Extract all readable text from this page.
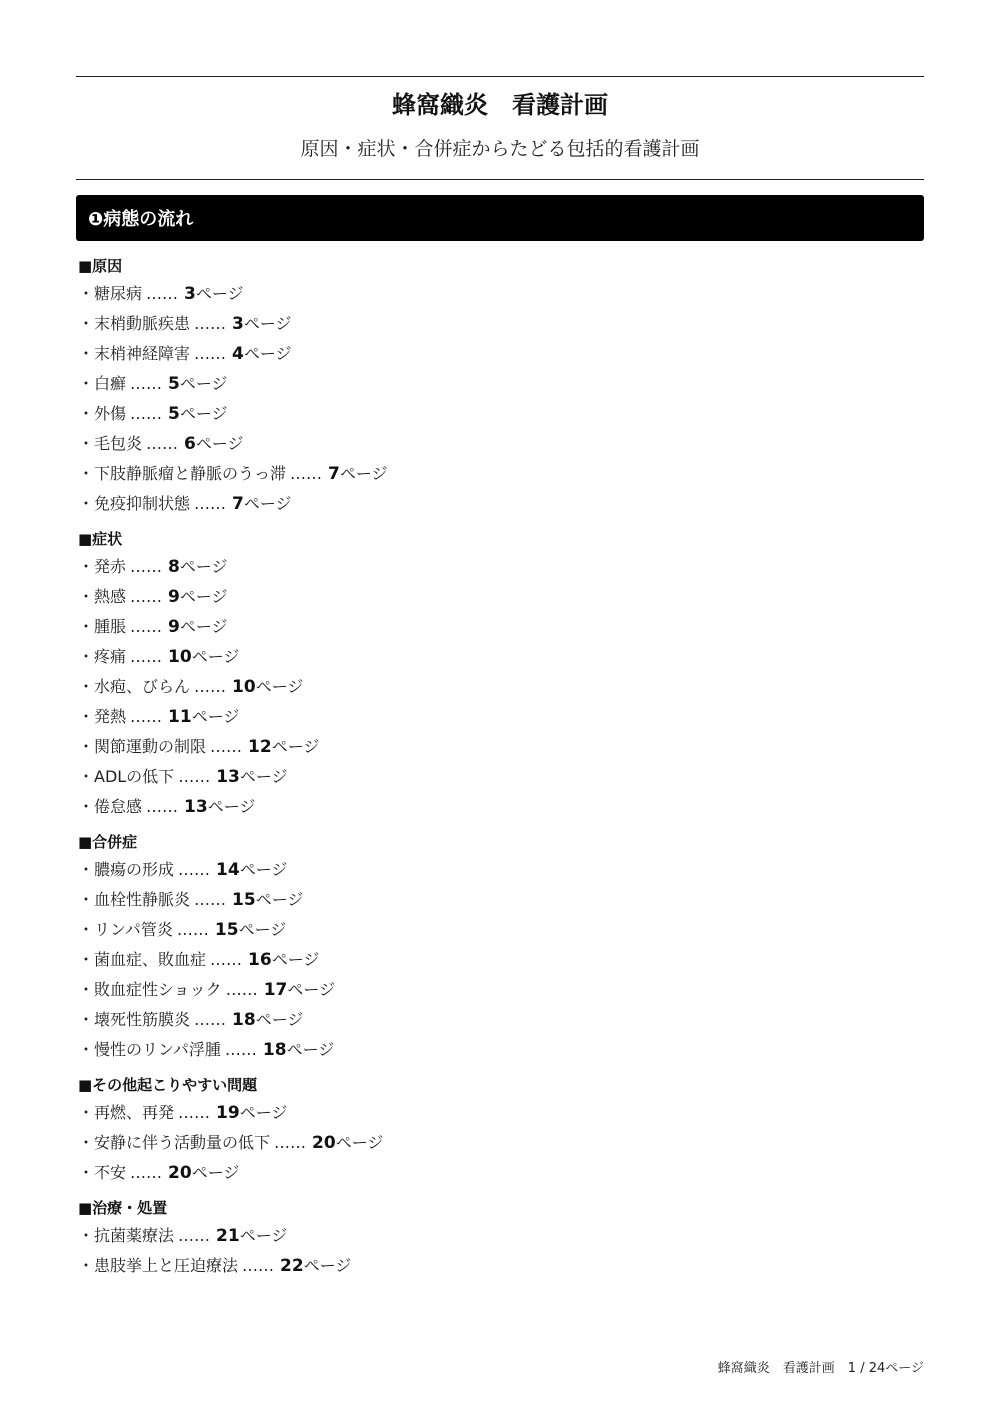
蜂窩織炎　看護計画
原因・症状・合併症からたどる包括的看護計画
❶病態の流れ
■原因
・糖尿病 …… 3ページ
・末梢動脈疾患 …… 3ページ
・末梢神経障害 …… 4ページ
・白癬 …… 5ページ
・外傷 …… 5ページ
・毛包炎 …… 6ページ
・下肢静脈瘤と静脈のうっ滞 …… 7ページ
・免疫抑制状態 …… 7ページ
■症状
・発赤 …… 8ページ
・熱感 …… 9ページ
・腫脹 …… 9ページ
・疼痛 …… 10ページ
・水疱、びらん …… 10ページ
・発熱 …… 11ページ
・関節運動の制限 …… 12ページ
・ADLの低下 …… 13ページ
・倦怠感 …… 13ページ
■合併症
・膿瘍の形成 …… 14ページ
・血栓性静脈炎 …… 15ページ
・リンパ管炎 …… 15ページ
・菌血症、敗血症 …… 16ページ
・敗血症性ショック …… 17ページ
・壊死性筋膜炎 …… 18ページ
・慢性のリンパ浮腫 …… 18ページ
■その他起こりやすい問題
・再燃、再発 …… 19ページ
・安静に伴う活動量の低下 …… 20ページ
・不安 …… 20ページ
■治療・処置
・抗菌薬療法 …… 21ページ
・患肢挙上と圧迫療法 …… 22ページ
蜂窩織炎　看護計画　1 / 24ページ
